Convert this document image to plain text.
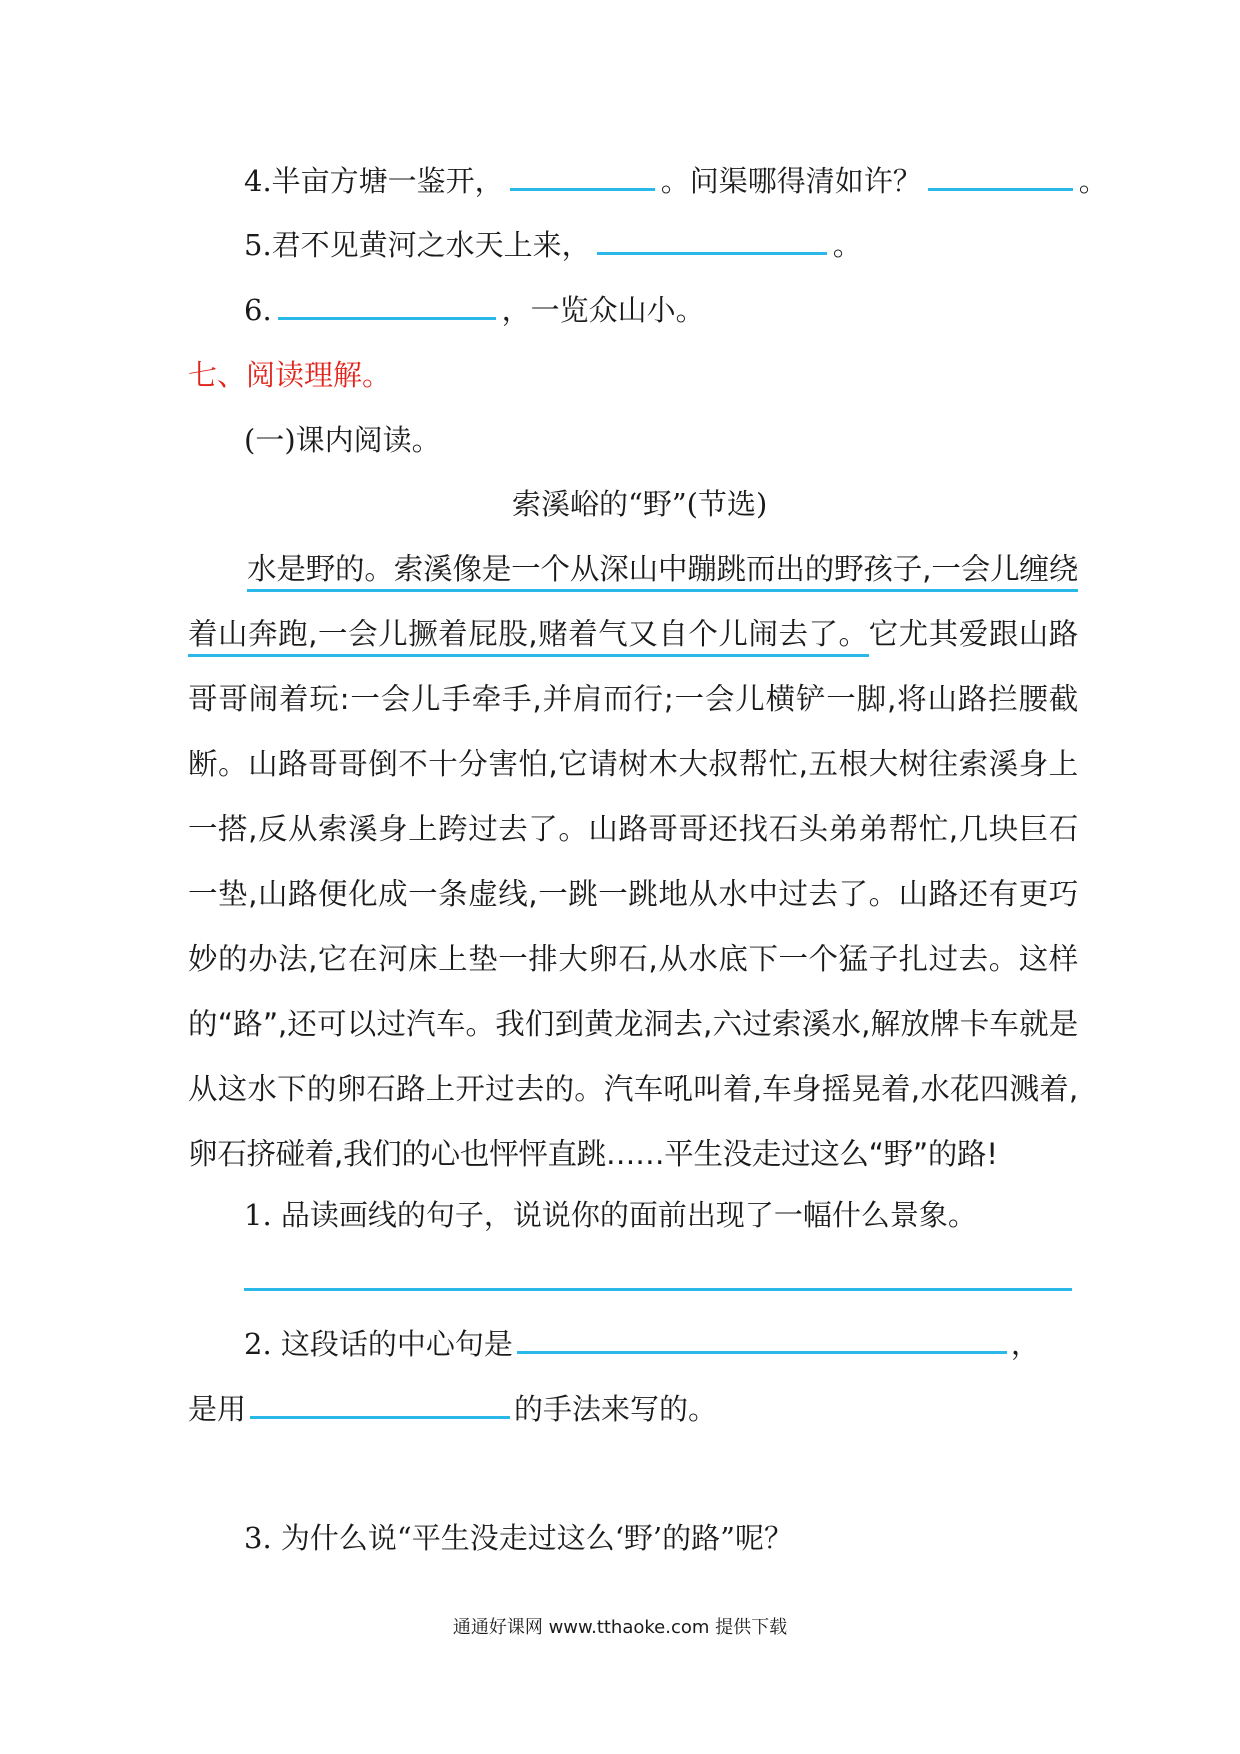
4.半亩方塘一鉴开，	。问渠哪得清如许？	。
5.君不见黄河之水天上来，	。
6.	，一览众山小。
七、阅读理解。
(一)课内阅读。
索溪峪的“野”(节选)
水是野的。索溪像是一个从深山中蹦跳而出的野孩子,一会儿缠绕着山奔跑,一会儿撅着屁股,赌着气又自个儿闹去了。它尤其爱跟山路哥哥闹着玩:一会儿手牵手,并肩而行;一会儿横铲一脚,将山路拦腰截断。山路哥哥倒不十分害怕,它请树木大叔帮忙,五根大树往索溪身上一搭,反从索溪身上跨过去了。山路哥哥还找石头弟弟帮忙,几块巨石一垫,山路便化成一条虚线,一跳一跳地从水中过去了。山路还有更巧妙的办法,它在河床上垫一排大卵石,从水底下一个猛子扎过去。这样的“路”,还可以过汽车。我们到黄龙洞去,六过索溪水,解放牌卡车就是从这水下的卵石路上开过去的。汽车吼叫着,车身摇晃着,水花四溅着,卵石挤碰着,我们的心也怦怦直跳……平生没走过这么“野”的路!
1. 品读画线的句子，说说你的面前出现了一幅什么景象。
2. 这段话的中心句是	，
是用	的手法来写的。
3. 为什么说“平生没走过这么‘野’的路”呢？
通通好课网 www.tthaoke.com 提供下载
